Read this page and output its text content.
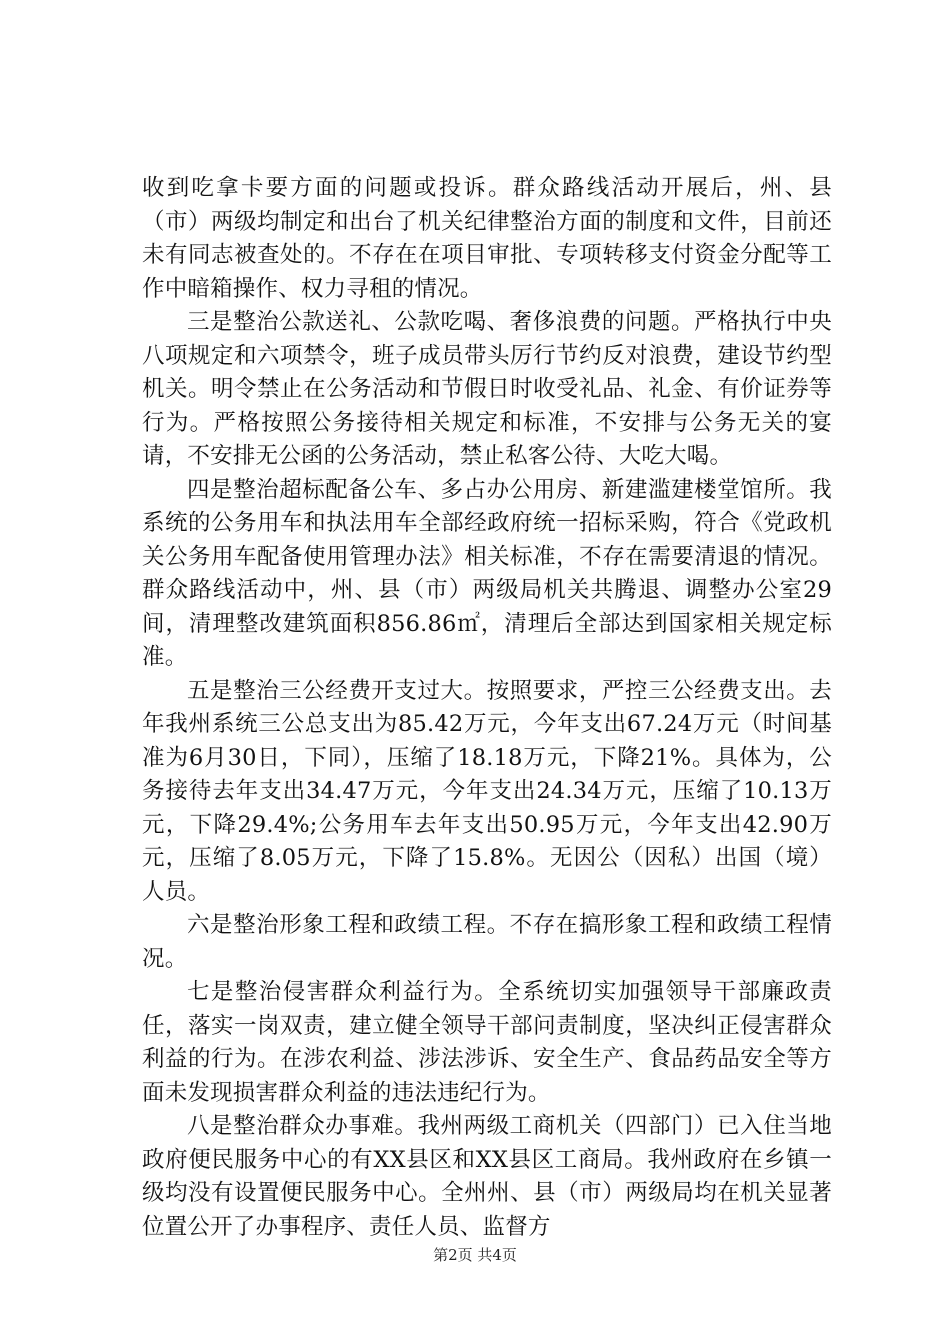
收到吃拿卡要方面的问题或投诉。群众路线活动开展后，州、县（市）两级均制定和出台了机关纪律整治方面的制度和文件，目前还未有同志被查处的。不存在在项目审批、专项转移支付资金分配等工作中暗箱操作、权力寻租的情况。

三是整治公款送礼、公款吃喝、奢侈浪费的问题。严格执行中央八项规定和六项禁令，班子成员带头厉行节约反对浪费，建设节约型机关。明令禁止在公务活动和节假日时收受礼品、礼金、有价证券等行为。严格按照公务接待相关规定和标准，不安排与公务无关的宴请，不安排无公函的公务活动，禁止私客公待、大吃大喝。

四是整治超标配备公车、多占办公用房、新建滥建楼堂馆所。我系统的公务用车和执法用车全部经政府统一招标采购，符合《党政机关公务用车配备使用管理办法》相关标准，不存在需要清退的情况。群众路线活动中，州、县（市）两级局机关共腾退、调整办公室29间，清理整改建筑面积856.86㎡，清理后全部达到国家相关规定标准。

五是整治三公经费开支过大。按照要求，严控三公经费支出。去年我州系统三公总支出为85.42万元，今年支出67.24万元（时间基准为6月30日，下同），压缩了18.18万元，下降21%。具体为，公务接待去年支出34.47万元，今年支出24.34万元，压缩了10.13万元，下降29.4%;公务用车去年支出50.95万元，今年支出42.90万元，压缩了8.05万元，下降了15.8%。无因公（因私）出国（境）人员。

六是整治形象工程和政绩工程。不存在搞形象工程和政绩工程情况。

七是整治侵害群众利益行为。全系统切实加强领导干部廉政责任，落实一岗双责，建立健全领导干部问责制度，坚决纠正侵害群众利益的行为。在涉农利益、涉法涉诉、安全生产、食品药品安全等方面未发现损害群众利益的违法违纪行为。

八是整治群众办事难。我州两级工商机关（四部门）已入住当地政府便民服务中心的有XX县区和XX县区工商局。我州政府在乡镇一级均没有设置便民服务中心。全州州、县（市）两级局均在机关显著位置公开了办事程序、责任人员、监督方

第2页 共4页
